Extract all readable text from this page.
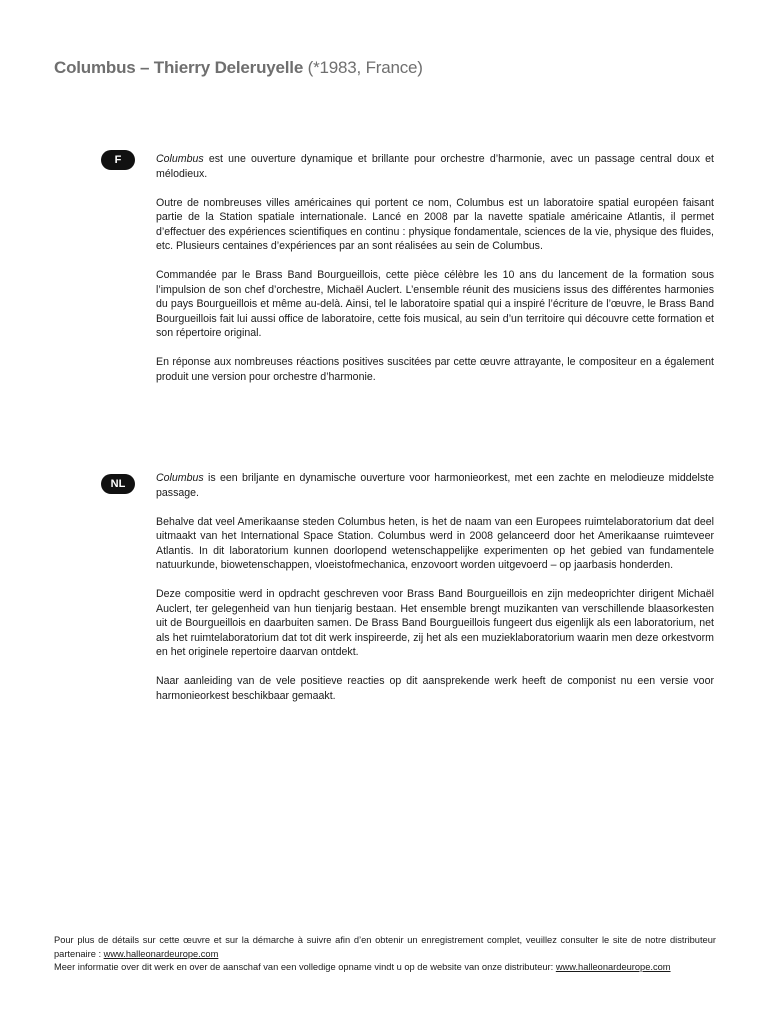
Columbus – Thierry Deleruyelle (*1983, France)
F	Columbus est une ouverture dynamique et brillante pour orchestre d’harmonie, avec un passage central doux et mélodieux.

Outre de nombreuses villes américaines qui portent ce nom, Columbus est un laboratoire spatial européen faisant partie de la Station spatiale internationale. Lancé en 2008 par la navette spatiale américaine Atlantis, il permet d’effectuer des expériences scientifiques en continu : physique fondamentale, sciences de la vie, physique des fluides, etc. Plusieurs centaines d’expériences par an sont réalisées au sein de Columbus.

Commandée par le Brass Band Bourgueillois, cette pièce célèbre les 10 ans du lancement de la formation sous l’impulsion de son chef d’orchestre, Michaël Auclert. L’ensemble réunit des musiciens issus des différentes harmonies du pays Bourgueillois et même au-delà. Ainsi, tel le laboratoire spatial qui a inspiré l’écriture de l’œuvre, le Brass Band Bourgueillois fait lui aussi office de laboratoire, cette fois musical, au sein d’un territoire qui découvre cette formation et son répertoire original.

En réponse aux nombreuses réactions positives suscitées par cette œuvre attrayante, le compositeur en a également produit une version pour orchestre d’harmonie.

NL	Columbus is een briljante en dynamische ouverture voor harmonieorkest, met een zachte en melodieuze middelste passage.

Behalve dat veel Amerikaanse steden Columbus heten, is het de naam van een Europees ruimtelaboratorium dat deel uitmaakt van het International Space Station. Columbus werd in 2008 gelanceerd door het Amerikaanse ruimteveer Atlantis. In dit laboratorium kunnen doorlopend wetenschappelijke experimenten op het gebied van fundamentele natuurkunde, biowetenschappen, vloeistofmechanica, enzovoort worden uitgevoerd – op jaarbasis honderden.

Deze compositie werd in opdracht geschreven voor Brass Band Bourgueillois en zijn medeoprichter dirigent Michaël Auclert, ter gelegenheid van hun tienjarig bestaan. Het ensemble brengt muzikanten van verschillende blaasorkesten uit de Bourgueillois en daarbuiten samen. De Brass Band Bourgueillois fungeert dus eigenlijk als een laboratorium, net als het ruimtelaboratorium dat tot dit werk inspireerde, zij het als een muzieklaboratorium waarin men deze orkestvorm en het originele repertoire daarvan ontdekt.

Naar aanleiding van de vele positieve reacties op dit aansprekende werk heeft de componist nu een versie voor harmonieorkest beschikbaar gemaakt.

Pour plus de détails sur cette œuvre et sur la démarche à suivre afin d’en obtenir un enregistrement complet, veuillez consulter le site de notre distributeur partenaire : www.halleonardeurope.com

Meer informatie over dit werk en over de aanschaf van een volledige opname vindt u op de website van onze distributeur: www.halleonardeurope.com
